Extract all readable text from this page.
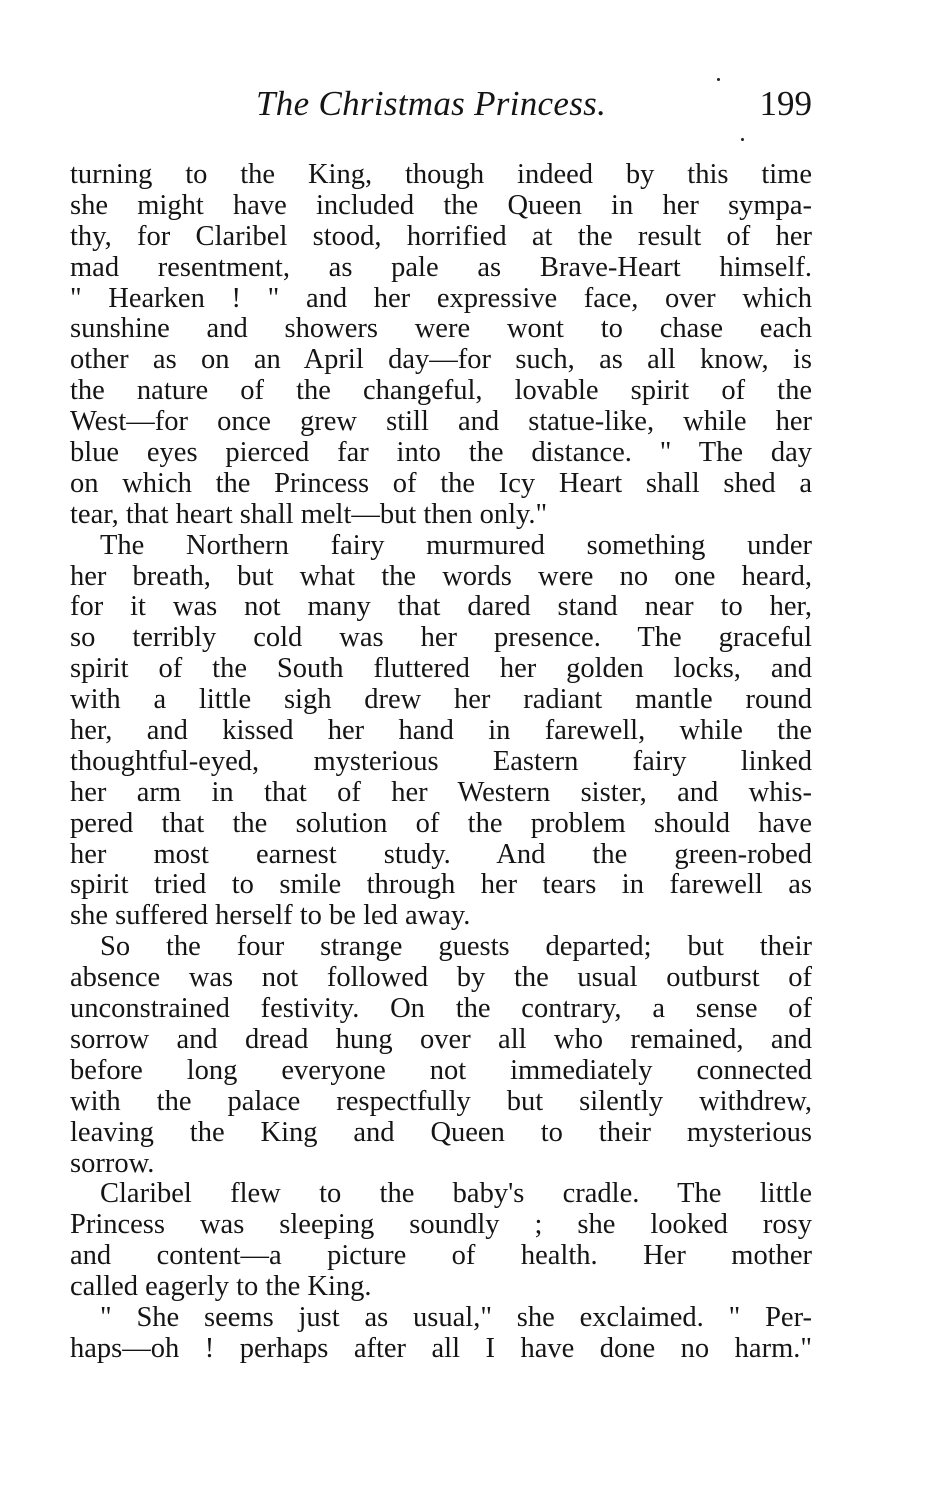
The Christmas Princess.	199
turning to the King, though indeed by this time
she might have included the Queen in her sympa-
thy, for Claribel stood, horrified at the result of her
mad resentment, as pale as Brave-Heart himself.
" Hearken ! " and her expressive face, over which
sunshine and showers were wont to chase each
other as on an April day—for such, as all know, is
the nature of the changeful, lovable spirit of the
West—for once grew still and statue-like, while her
blue eyes pierced far into the distance. " The day
on which the Princess of the Icy Heart shall shed a
tear, that heart shall melt—but then only."
The Northern fairy murmured something under
her breath, but what the words were no one heard,
for it was not many that dared stand near to her,
so terribly cold was her presence. The graceful
spirit of the South fluttered her golden locks, and
with a little sigh drew her radiant mantle round
her, and kissed her hand in farewell, while the
thoughtful-eyed, mysterious Eastern fairy linked
her arm in that of her Western sister, and whis-
pered that the solution of the problem should have
her most earnest study. And the green-robed
spirit tried to smile through her tears in farewell as
she suffered herself to be led away.
So the four strange guests departed; but their
absence was not followed by the usual outburst of
unconstrained festivity. On the contrary, a sense of
sorrow and dread hung over all who remained, and
before long everyone not immediately connected
with the palace respectfully but silently withdrew,
leaving the King and Queen to their mysterious
sorrow.
Claribel flew to the baby's cradle. The little
Princess was sleeping soundly ; she looked rosy
and content—a picture of health. Her mother
called eagerly to the King.
" She seems just as usual," she exclaimed. " Per-
haps—oh ! perhaps after all I have done no harm."
